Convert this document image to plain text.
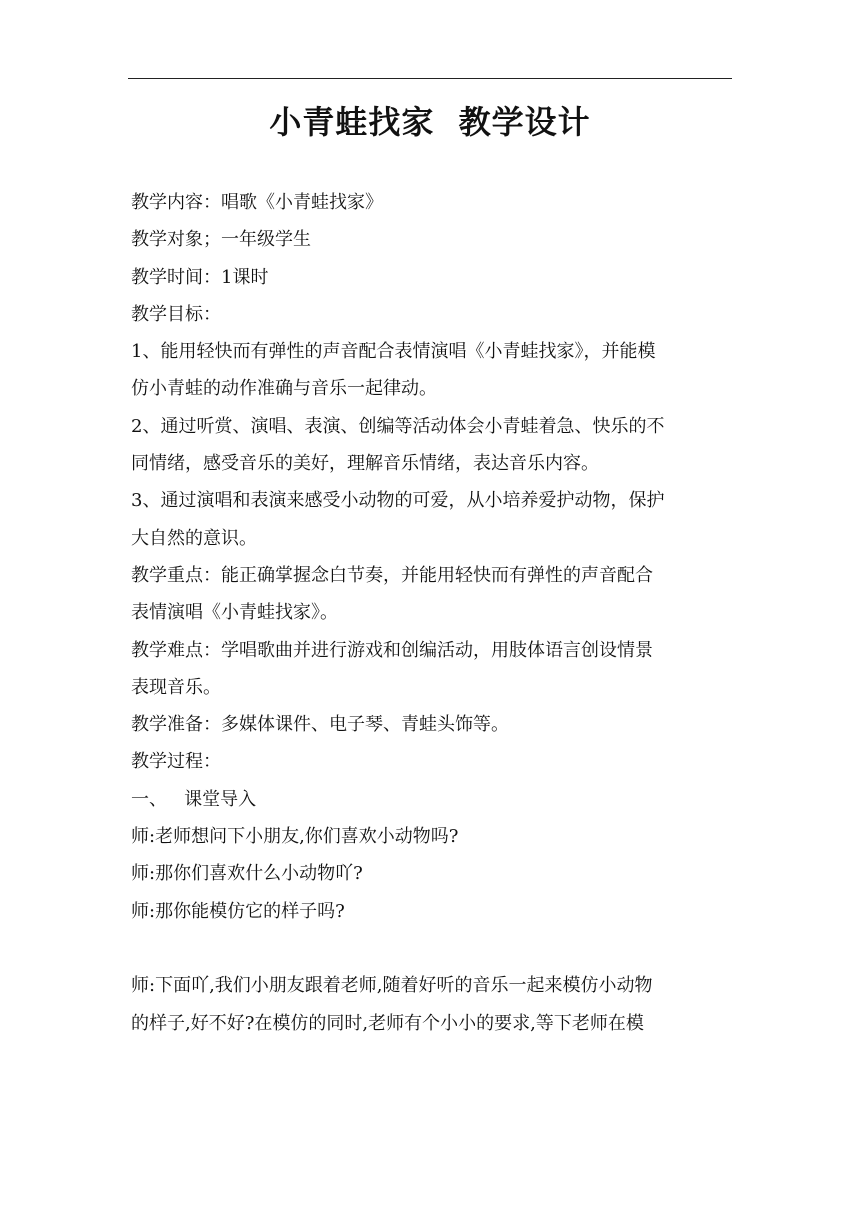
小青蛙找家  教学设计
教学内容：唱歌《小青蛙找家》
教学对象；一年级学生
教学时间：1课时
教学目标：
1、能用轻快而有弹性的声音配合表情演唱《小青蛙找家》，并能模
仿小青蛙的动作准确与音乐一起律动。
2、通过听赏、演唱、表演、创编等活动体会小青蛙着急、快乐的不
同情绪，感受音乐的美好，理解音乐情绪，表达音乐内容。
3、通过演唱和表演来感受小动物的可爱，从小培养爱护动物，保护
大自然的意识。
教学重点：能正确掌握念白节奏，并能用轻快而有弹性的声音配合
表情演唱《小青蛙找家》。
教学难点：学唱歌曲并进行游戏和创编活动，用肢体语言创设情景
表现音乐。
教学准备：多媒体课件、电子琴、青蛙头饰等。
教学过程：
一、   课堂导入
师:老师想问下小朋友,你们喜欢小动物吗?
师:那你们喜欢什么小动物吖?
师:那你能模仿它的样子吗?
师:下面吖,我们小朋友跟着老师,随着好听的音乐一起来模仿小动物
的样子,好不好?在模仿的同时,老师有个小小的要求,等下老师在模
